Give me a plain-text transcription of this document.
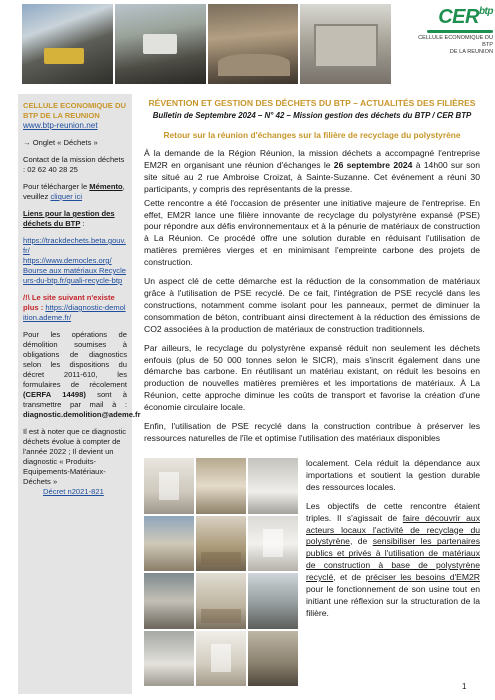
$CER^{btp}$
CELLULE ECONOMIQUE DU BTP
DE LA REUNION
CELLULE ECONOMIQUE DU BTP DE LA REUNION
www.btp-reunion.net
→ Onglet « Déchets »
Contact de la mission déchets : 02 62 40 28 25
Pour télécharger le Mémento, veuillez cliquer ici
Liens pour la gestion des déchets du BTP :
https://trackdechets.beta.gouv.fr/
https://www.democles.org/
Bourse aux matériaux Recycleurs-du-btp.fr/quali-recycle-btp
/!\ Le site suivant n'existe plus : https://diagnostic-demolition.ademe.fr/
Pour les opérations de démolition soumises à obligations de diagnostics selon les dispositions du décret 2011-610, les formulaires de récolement (CERFA 14498) sont à transmettre par mail à : diagnostic.demolition@ademe.fr
Il est à noter que ce diagnostic déchets évolue à compter de l'année 2022 ; Il devient un diagnostic « Produits-Equipements-Matériaux-Déchets »
Décret n2021-821
RÉVENTION ET GESTION DES DÉCHETS DU BTP – ACTUALITÉS DES FILIÈRES
Bulletin de Septembre 2024 – N° 42 – Mission gestion des déchets du BTP / CER BTP
Retour sur la réunion d'échanges sur la filière de recyclage du polystyrène

À la demande de la Région Réunion, la mission déchets a accompagné l'entreprise EM2R en organisant une réunion d'échanges le 26 septembre 2024 à 14h00 sur son site situé au 2 rue Ambroise Croizat, à Sainte-Suzanne. Cet événement a réuni 30 participants, y compris des représentants de la presse.

Cette rencontre a été l'occasion de présenter une initiative majeure de l'entreprise. En effet, EM2R lance une filière innovante de recyclage du polystyrène expansé (PSE) pour répondre aux défis environnementaux et à la pénurie de matériaux de construction à La Réunion. Ce procédé offre une solution durable en réduisant l'utilisation de matières premières vierges et en minimisant l'empreinte carbone des projets de construction.

Un aspect clé de cette démarche est la réduction de la consommation de matériaux grâce à l'utilisation de PSE recyclé. De ce fait, l'intégration de PSE recyclé dans les constructions, notamment comme isolant pour les panneaux, permet de diminuer la consommation de béton, contribuant ainsi directement à la réduction des émissions de CO2 associées à la production de matériaux de construction traditionnels.

Par ailleurs, le recyclage du polystyrène expansé réduit non seulement les déchets enfouis (plus de 50 000 tonnes selon le SICR), mais s'inscrit également dans une démarche bas carbone. En réutilisant un matériau existant, on réduit les besoins en production de nouvelles matières premières et les importations de matériaux. À La Réunion, cette approche diminue les coûts de transport et favorise la création d'une économie circulaire locale.

Enfin, l'utilisation de PSE recyclé dans la construction contribue à préserver les ressources naturelles de l'île et optimise l'utilisation des matériaux disponibles

localement. Cela réduit la dépendance aux importations et soutient la gestion durable des ressources locales.

Les objectifs de cette rencontre étaient triples. Il s'agissait de faire découvrir aux acteurs locaux l'activité de recyclage du polystyrène, de sensibiliser les partenaires publics et privés à l'utilisation de matériaux de construction à base de polystyrène recyclé, et de préciser les besoins d'EM2R pour le fonctionnement de son usine tout en initiant une réflexion sur la structuration de la filière.

1
